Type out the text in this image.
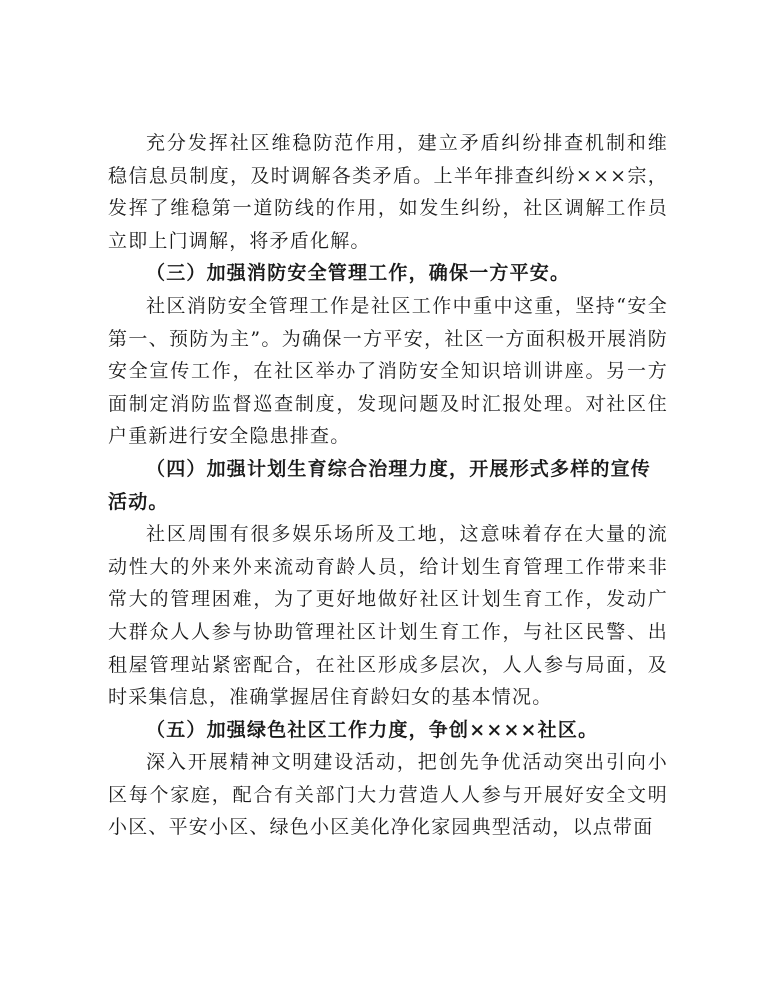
充分发挥社区维稳防范作用，建立矛盾纠纷排查机制和维稳信息员制度，及时调解各类矛盾。上半年排查纠纷×××宗，发挥了维稳第一道防线的作用，如发生纠纷，社区调解工作员立即上门调解，将矛盾化解。

（三）加强消防安全管理工作，确保一方平安。

社区消防安全管理工作是社区工作中重中这重，坚持“安全第一、预防为主”。为确保一方平安，社区一方面积极开展消防安全宣传工作，在社区举办了消防安全知识培训讲座。另一方面制定消防监督巡查制度，发现问题及时汇报处理。对社区住户重新进行安全隐患排查。

（四）加强计划生育综合治理力度，开展形式多样的宣传活动。

社区周围有很多娱乐场所及工地，这意味着存在大量的流动性大的外来外来流动育龄人员，给计划生育管理工作带来非常大的管理困难，为了更好地做好社区计划生育工作，发动广大群众人人参与协助管理社区计划生育工作，与社区民警、出租屋管理站紧密配合，在社区形成多层次，人人参与局面，及时采集信息，准确掌握居住育龄妇女的基本情况。

（五）加强绿色社区工作力度，争创××××社区。

深入开展精神文明建设活动，把创先争优活动突出引向小区每个家庭，配合有关部门大力营造人人参与开展好安全文明小区、平安小区、绿色小区美化净化家园典型活动，以点带面
